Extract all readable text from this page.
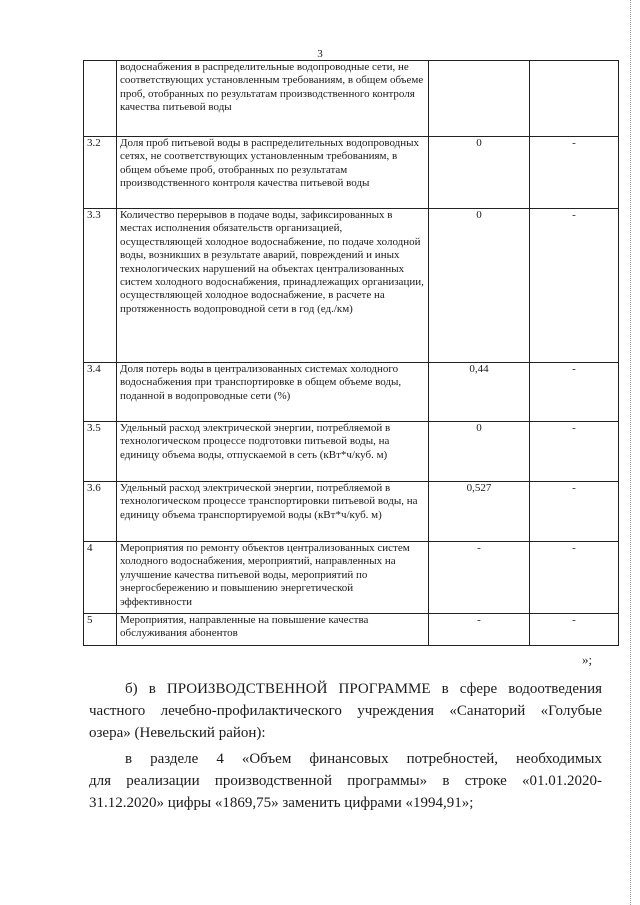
3
	водоснабжения в распределительные водопроводные сети, не соответствующих установленным требованиям, в общем объеме проб, отобранных по результатам производственного контроля качества питьевой воды		
3.2	Доля проб питьевой воды в распределительных водопроводных сетях, не соответствующих установленным требованиям, в общем объеме проб, отобранных по результатам производственного контроля качества питьевой воды	0	-
3.3	Количество перерывов в подаче воды, зафиксированных в местах исполнения обязательств организацией, осуществляющей холодное водоснабжение, по подаче холодной воды, возникших в результате аварий, повреждений и иных технологических нарушений на объектах централизованных систем холодного водоснабжения, принадлежащих организации, осуществляющей холодное водоснабжение, в расчете на протяженность водопроводной сети в год (ед./км)	0	-
3.4	Доля потерь воды в централизованных системах холодного водоснабжения при транспортировке в общем объеме воды, поданной в водопроводные сети (%)	0,44	-
3.5	Удельный расход электрической энергии, потребляемой в технологическом процессе подготовки питьевой воды, на единицу объема воды, отпускаемой в сеть (кВт*ч/куб. м)	0	-
3.6	Удельный расход электрической энергии, потребляемой в технологическом процессе транспортировки питьевой воды, на единицу объема транспортируемой воды (кВт*ч/куб. м)	0,527	-
4	Мероприятия по ремонту объектов централизованных систем холодного водоснабжения, мероприятий, направленных на улучшение качества питьевой воды, мероприятий по энергосбережению и повышению энергетической эффективности	-	-
5	Мероприятия, направленные на повышение качества обслуживания абонентов	-	-
»;
б) в ПРОИЗВОДСТВЕННОЙ ПРОГРАММЕ в сфере водоотведения
частного лечебно-профилактического учреждения «Санаторий «Голубые
озера» (Невельский район):
в разделе 4 «Объем финансовых потребностей, необходимых
для реализации производственной программы» в строке «01.01.2020-
31.12.2020» цифры «1869,75» заменить цифрами «1994,91»;
